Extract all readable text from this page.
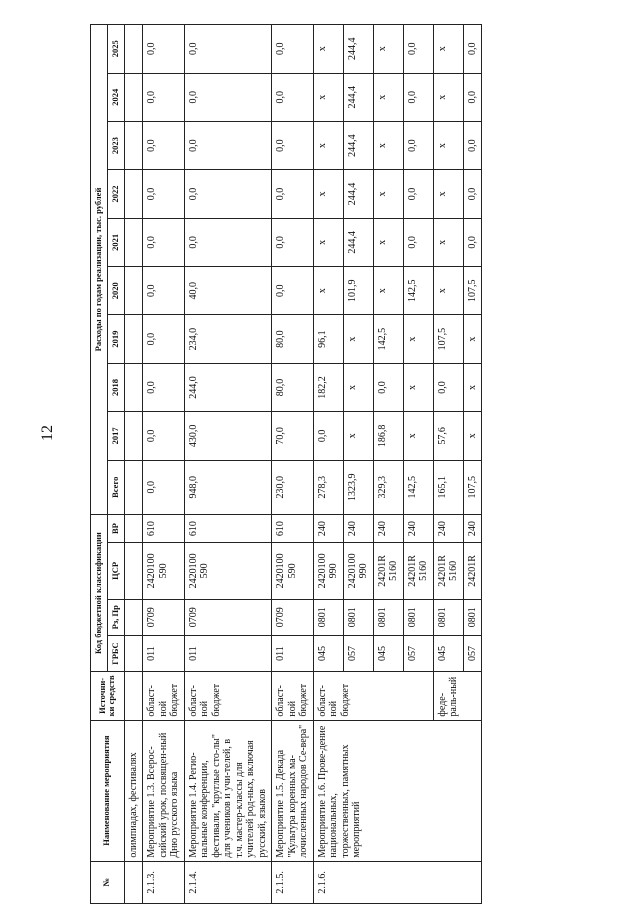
12
№	Наименование мероприятия	Источни-ки средств	Код бюджетной классификации				Расходы по годам реализации, тыс. рублей									
			ГРБС	Рз, Пр	ЦСР	ВР	Всего	2017	2018	2019	2020	2021	2022	2023	2024	2025
	олимпиадах, фестивалях															
2.1.3.	Мероприятие 1.3. Всерос-сийский урок, посвящен-ный Дню русского языка	област-ной бюджет	011	0709	2420100 590	610	0,0	0,0	0,0	0,0	0,0	0,0	0,0	0,0	0,0	0,0
2.1.4.	Мероприятие 1.4. Регио-нальные конференции, фестивали, "круглые сто-лы" для учеников и учи-телей, в т.ч. мастер-классы для учителей род-ных, включая русский, языков	област-ной бюджет	011	0709	2420100 590	610	948,0	430,0	244,0	234,0	40,0	0,0	0,0	0,0	0,0	0,0
2.1.5.	Мероприятие 1.5. Декада "Культура коренных ма-лочисленных народов Се-вера"	област-ной бюджет	011	0709	2420100 590	610	230,0	70,0	80,0	80,0	0,0	0,0	0,0	0,0	0,0	0,0
2.1.6.	Мероприятие 1.6. Прове-дение национальных, торжественных, памятных мероприятий	област-ной бюджет	045	0801	2420100 990	240	278,3	0,0	182,2	96,1	х	х	х	х	х	х
			057	0801	2420100 990	240	1323,9	х	х	х	101,9	244,4	244,4	244,4	244,4	244,4
			045	0801	24201R 5160	240	329,3	186,8	0,0	142,5	х	х	х	х	х	х
			057	0801	24201R 5160	240	142,5	х	х	х	142,5	0,0	0,0	0,0	0,0	0,0
		феде-раль-ный	045	0801	24201R 5160	240	165,1	57,6	0,0	107,5	х	х	х	х	х	х
			057	0801	24201R	240	107,5	х	х	х	107,5	0,0	0,0	0,0	0,0	0,0
